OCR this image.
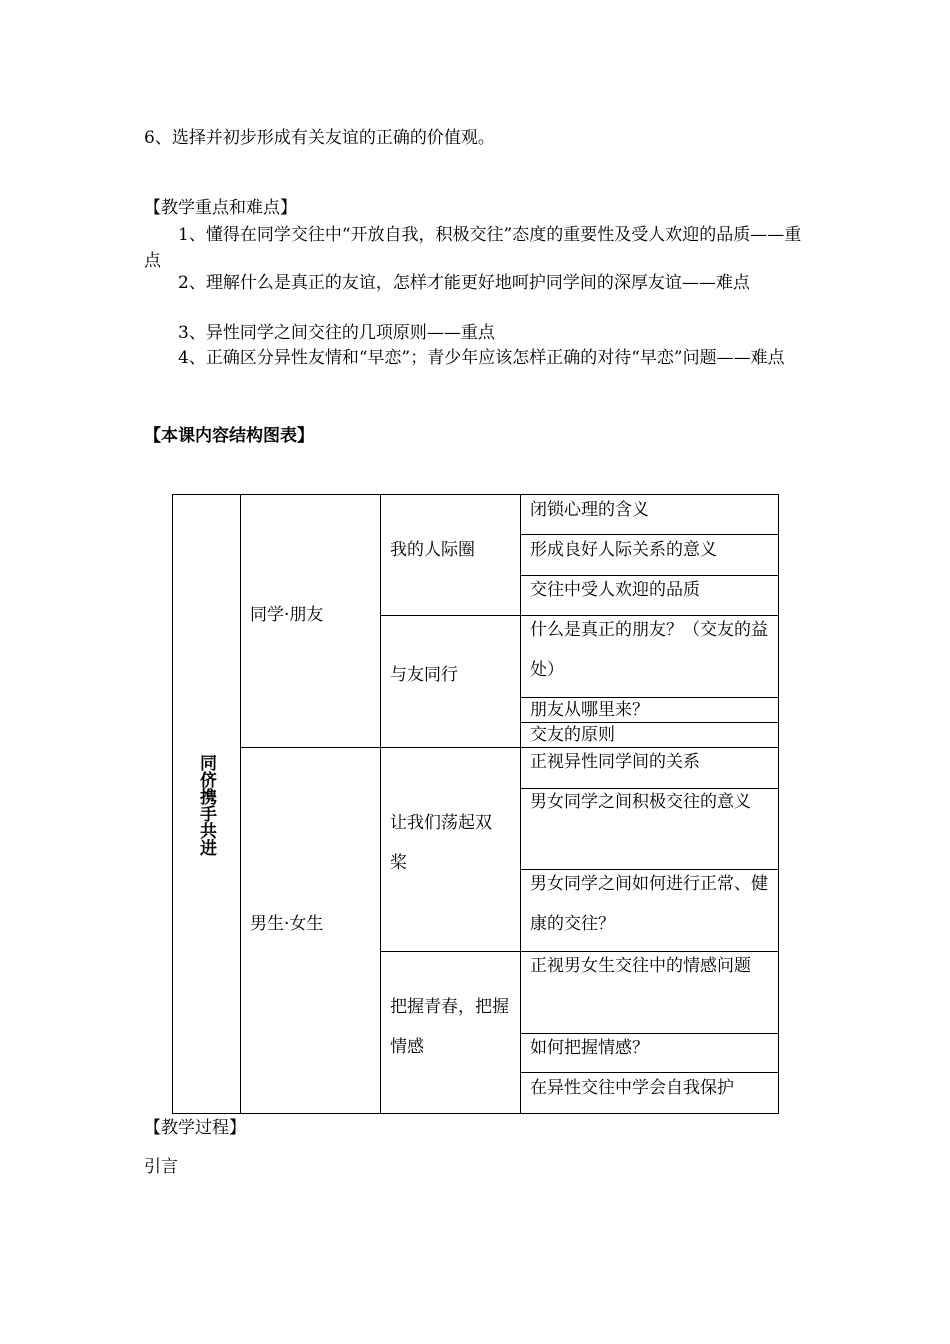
6、选择并初步形成有关友谊的正确的价值观。
【教学重点和难点】
1、懂得在同学交往中“开放自我，积极交往”态度的重要性及受人欢迎的品质——重点
2、理解什么是真正的友谊，怎样才能更好地呵护同学间的深厚友谊——难点
3、异性同学之间交往的几项原则——重点
4、正确区分异性友情和“早恋”；青少年应该怎样正确的对待“早恋”问题——难点
【本课内容结构图表】
同侪携手共进
同学·朋友
男生·女生
我的人际圈
与友同行
让我们荡起双桨
把握青春，把握情感
闭锁心理的含义
形成良好人际关系的意义
交往中受人欢迎的品质
什么是真正的朋友？（交友的益处）
朋友从哪里来？
交友的原则
正视异性同学间的关系
男女同学之间积极交往的意义
男女同学之间如何进行正常、健康的交往？
正视男女生交往中的情感问题
如何把握情感？
在异性交往中学会自我保护
【教学过程】
引言
